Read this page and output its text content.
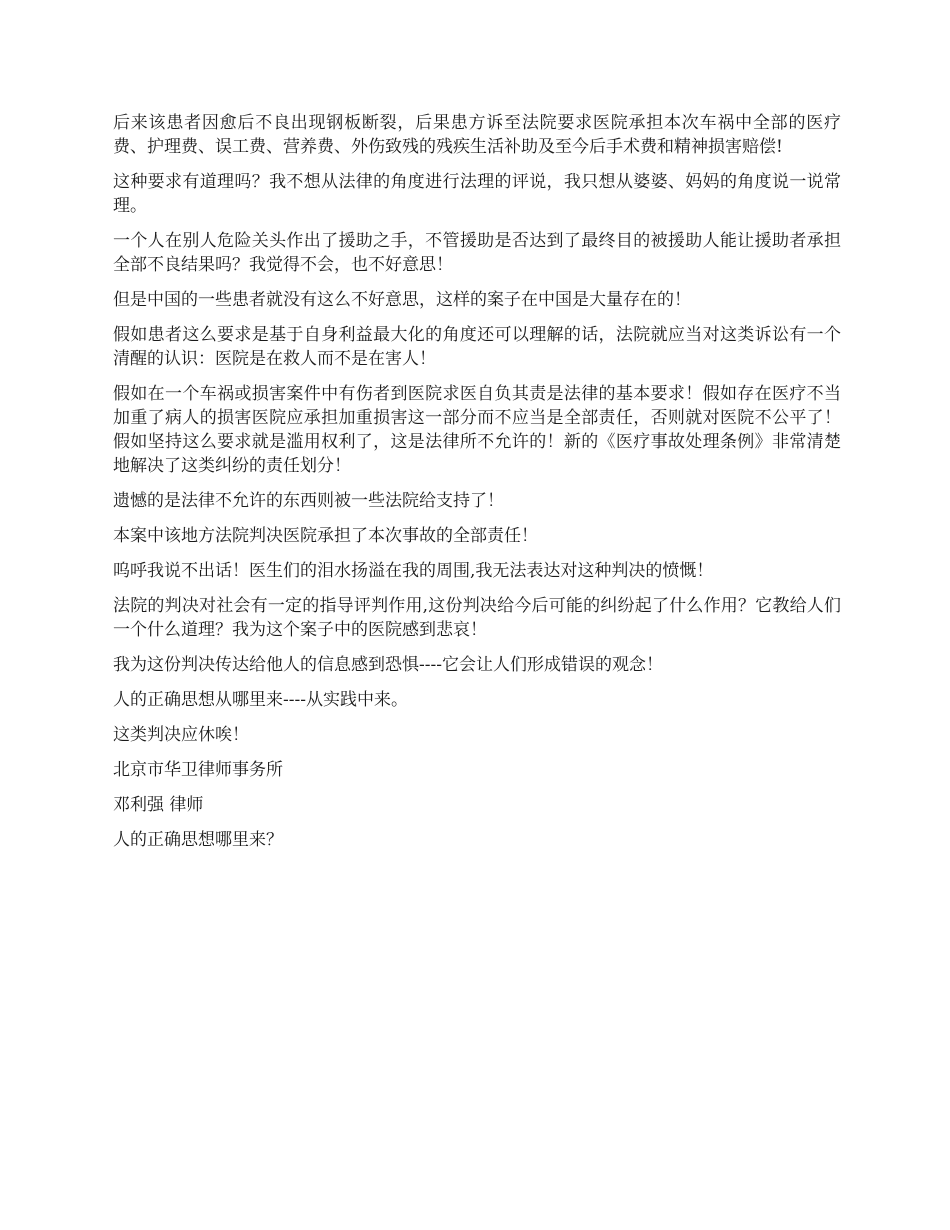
后来该患者因愈后不良出现钢板断裂，后果患方诉至法院要求医院承担本次车祸中全部的医疗费、护理费、误工费、营养费、外伤致残的残疾生活补助及至今后手术费和精神损害赔偿!

这种要求有道理吗？我不想从法律的角度进行法理的评说，我只想从婆婆、妈妈的角度说一说常理。

一个人在别人危险关头作出了援助之手，不管援助是否达到了最终目的被援助人能让援助者承担全部不良结果吗？我觉得不会，也不好意思！

但是中国的一些患者就没有这么不好意思，这样的案子在中国是大量存在的！

假如患者这么要求是基于自身利益最大化的角度还可以理解的话，法院就应当对这类诉讼有一个清醒的认识：医院是在救人而不是在害人！

假如在一个车祸或损害案件中有伤者到医院求医自负其责是法律的基本要求！假如存在医疗不当加重了病人的损害医院应承担加重损害这一部分而不应当是全部责任，否则就对医院不公平了！假如坚持这么要求就是滥用权利了，这是法律所不允许的！新的《医疗事故处理条例》非常清楚地解决了这类纠纷的责任划分！

遗憾的是法律不允许的东西则被一些法院给支持了！

本案中该地方法院判决医院承担了本次事故的全部责任！

呜呼我说不出话！医生们的泪水扬溢在我的周围,我无法表达对这种判决的愤慨！

法院的判决对社会有一定的指导评判作用,这份判决给今后可能的纠纷起了什么作用？它教给人们一个什么道理？我为这个案子中的医院感到悲哀！

我为这份判决传达给他人的信息感到恐惧----它会让人们形成错误的观念！

人的正确思想从哪里来----从实践中来。

这类判决应休唉！

北京市华卫律师事务所

邓利强 律师

人的正确思想哪里来？
